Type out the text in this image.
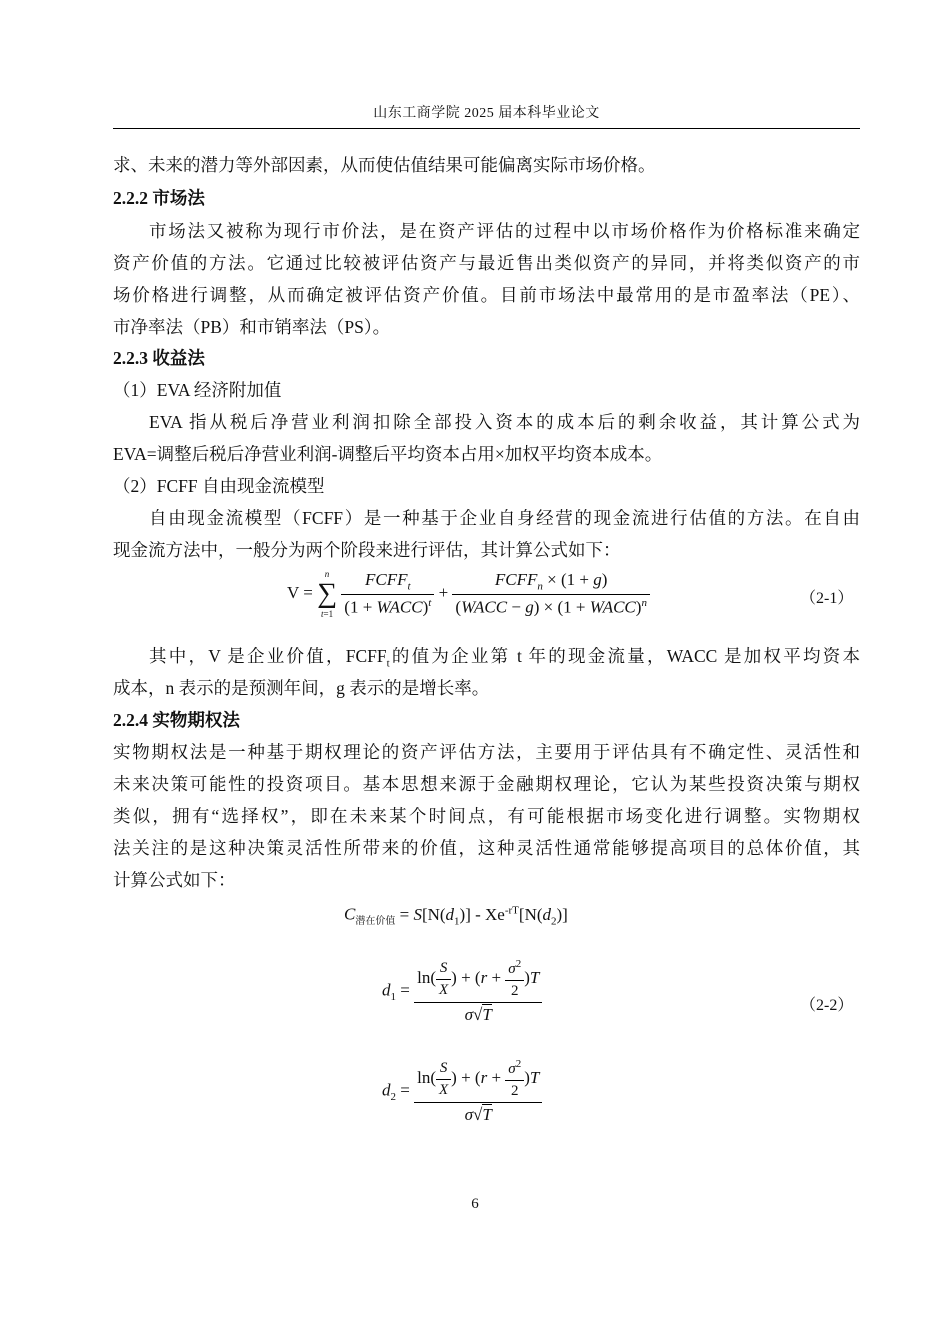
山东工商学院 2025 届本科毕业论文
求、未来的潜力等外部因素，从而使估值结果可能偏离实际市场价格。
2.2.2 市场法
市场法又被称为现行市价法，是在资产评估的过程中以市场价格作为价格标准来确定
资产价值的方法。它通过比较被评估资产与最近售出类似资产的异同，并将类似资产的市
场价格进行调整，从而确定被评估资产价值。目前市场法中最常用的是市盈率法（PE）、
市净率法（PB）和市销率法（PS）。
2.2.3 收益法
（1）EVA 经济附加值
EVA 指从税后净营业利润扣除全部投入资本的成本后的剩余收益，其计算公式为
EVA=调整后税后净营业利润-调整后平均资本占用×加权平均资本成本。
（2）FCFF 自由现金流模型
自由现金流模型（FCFF）是一种基于企业自身经营的现金流进行估值的方法。在自由
现金流方法中，一般分为两个阶段来进行评估，其计算公式如下：
V =
n
∑
t=1
$\frac{FCFF_t}{(1 + WACC)^t} + \frac{FCFF_n \times (1 + g)}{(WACC - g) \times (1 + WACC)^n}$	（2-1）
其中，V 是企业价值，$FCFF_t$的值为企业第 t 年的现金流量，WACC 是加权平均资本
成本，n 表示的是预测年间，g 表示的是增长率。
2.2.4 实物期权法
实物期权法是一种基于期权理论的资产评估方法，主要用于评估具有不确定性、灵活性和
未来决策可能性的投资项目。基本思想来源于金融期权理论，它认为某些投资决策与期权
类似，拥有“选择权”，即在未来某个时间点，有可能根据市场变化进行调整。实物期权
法关注的是这种决策灵活性所带来的价值，这种灵活性通常能够提高项目的总体价值，其
计算公式如下：
$C_{潜在价值} = S[N(d_1)] - Xe^{-rT}[N(d_2)]$
$d_1 = \frac{\ln( \frac{S}{X} ) + (r + \frac{\sigma^2}{2} )T}{\sigma√T}$	（2-2）
$d_2 = \frac{\ln( \frac{S}{X} ) + (r + \frac{\sigma^2}{2} )T}{\sigma√T}$
6
